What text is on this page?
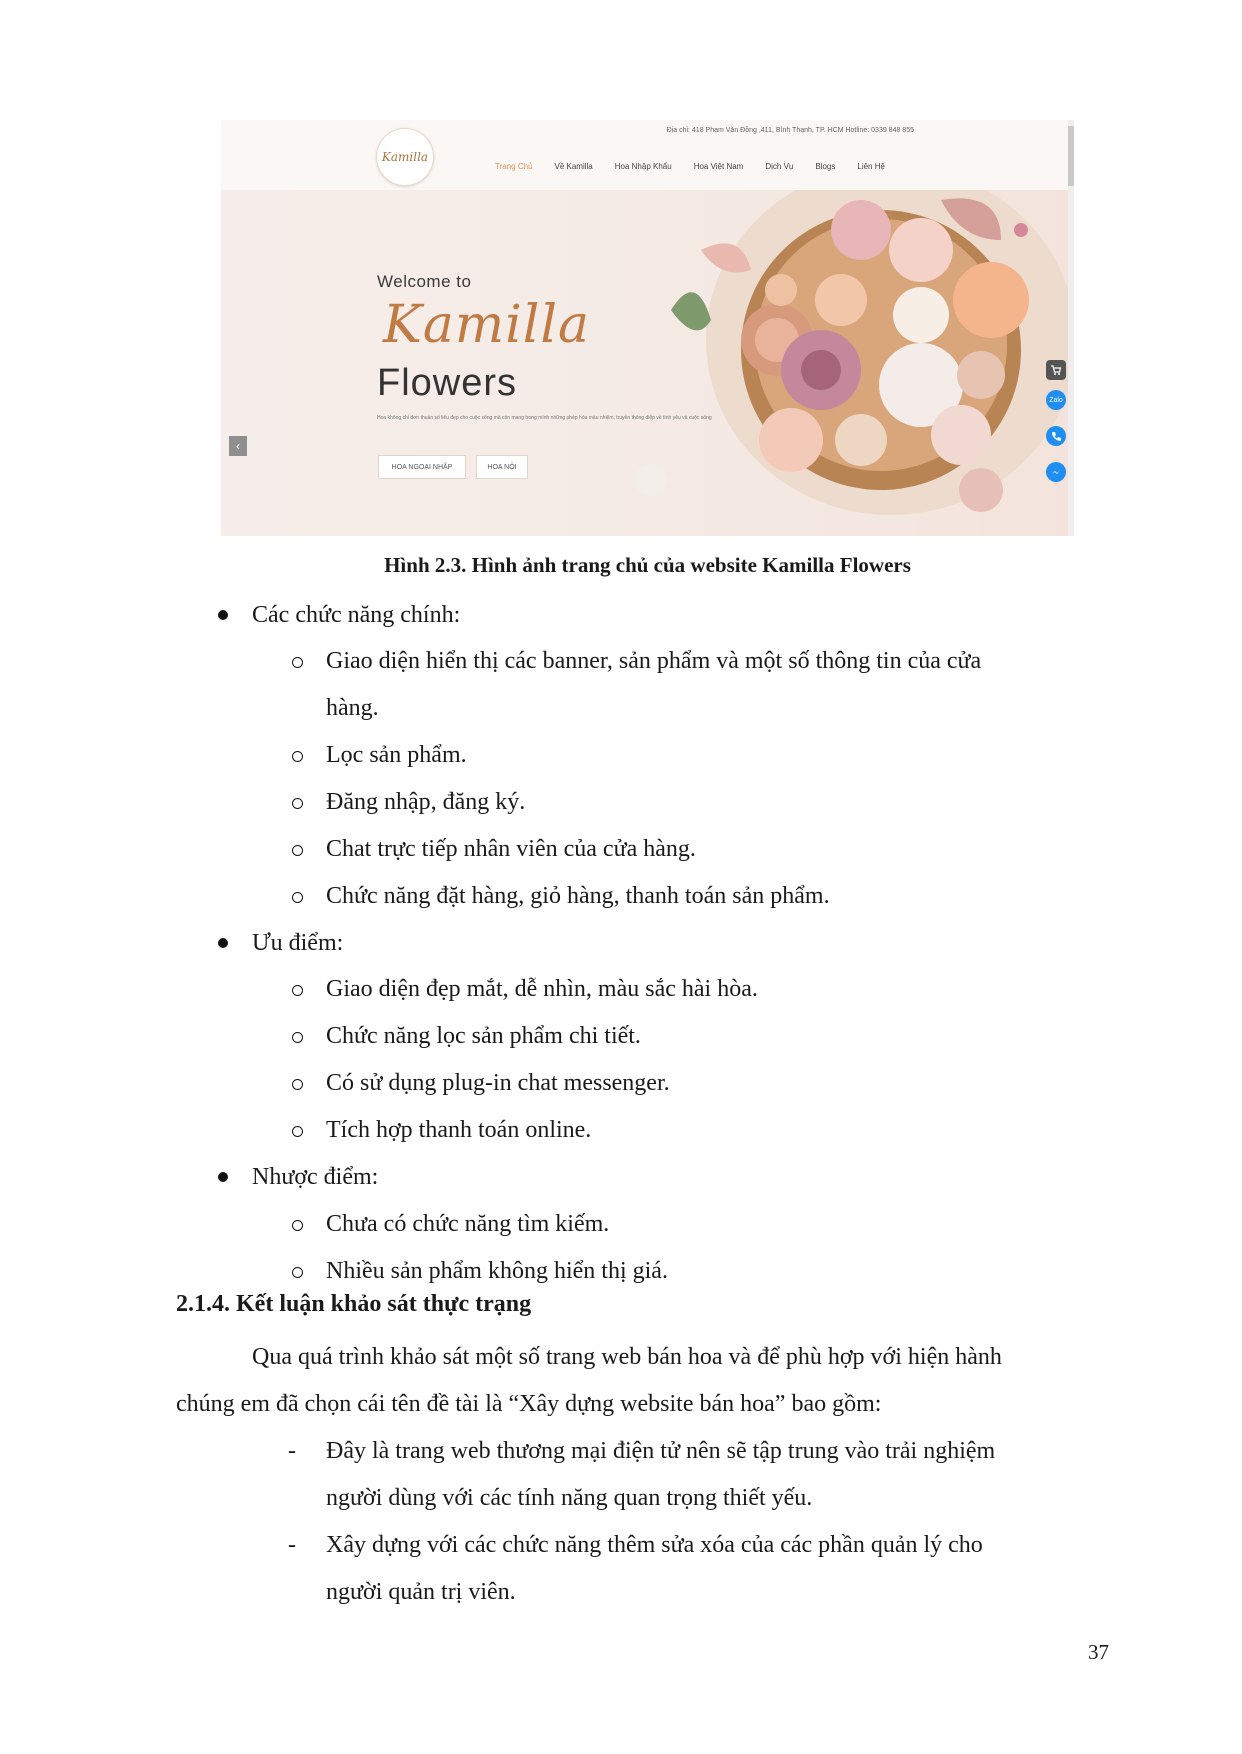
Kamilla
Địa chỉ: 418 Phạm Văn Đồng ,411, Bình Thạnh, TP. HCM Hotline: 0339 848 855
Trang Chủ	Về Kamilla	Hoa Nhập Khẩu	Hoa Việt Nam	Dịch Vụ	Blogs	Liên Hệ
Welcome to
Kamilla
Flowers
Hoa không chỉ đơn thuần số liêu đẹp cho cuộc sống mà còn mang trong mình những phép hóa màu nhiệm, truyền thông điệp về tình yêu và cuộc sống
HOA NGOẠI NHẬP	HOA NỘI
‹
Zalo
Hình 2.3. Hình ảnh trang chủ của website Kamilla Flowers
Các chức năng chính:
Giao diện hiển thị các banner, sản phẩm và một số thông tin của cửa
hàng.
Lọc sản phẩm.
Đăng nhập, đăng ký.
Chat trực tiếp nhân viên của cửa hàng.
Chức năng đặt hàng, giỏ hàng, thanh toán sản phẩm.
Ưu điểm:
Giao diện đẹp mắt, dễ nhìn, màu sắc hài hòa.
Chức năng lọc sản phẩm chi tiết.
Có sử dụng plug-in chat messenger.
Tích hợp thanh toán online.
Nhược điểm:
Chưa có chức năng tìm kiếm.
Nhiều sản phẩm không hiển thị giá.
2.1.4. Kết luận khảo sát thực trạng
Qua quá trình khảo sát một số trang web bán hoa và để phù hợp với hiện hành
chúng em đã chọn cái tên đề tài là “Xây dựng website bán hoa” bao gồm:
- Đây là trang web thương mại điện tử nên sẽ tập trung vào trải nghiệm
người dùng với các tính năng quan trọng thiết yếu.
- Xây dựng với các chức năng thêm sửa xóa của các phần quản lý cho
người quản trị viên.
37
